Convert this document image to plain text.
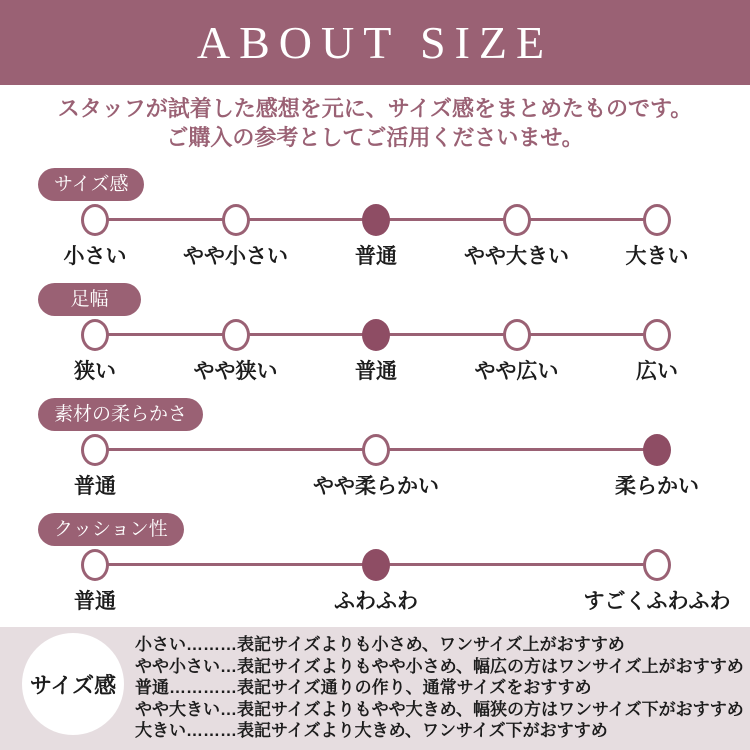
ABOUT SIZE
スタッフが試着した感想を元に、サイズ感をまとめたものです。
ご購入の参考としてご活用くださいませ。
サイズ感
小さい	やや小さい	普通	やや大きい	大きい
足幅
狭い	やや狭い	普通	やや広い	広い
素材の柔らかさ
普通	やや柔らかい	柔らかい
クッション性
普通	ふわふわ	すごくふわふわ
サイズ感
小さい………表記サイズよりも小さめ、ワンサイズ上がおすすめ
やや小さい…表記サイズよりもやや小さめ、幅広の方はワンサイズ上がおすすめ
普通…………表記サイズ通りの作り、通常サイズをおすすめ
やや大きい…表記サイズよりもやや大きめ、幅狭の方はワンサイズ下がおすすめ
大きい………表記サイズより大きめ、ワンサイズ下がおすすめ
